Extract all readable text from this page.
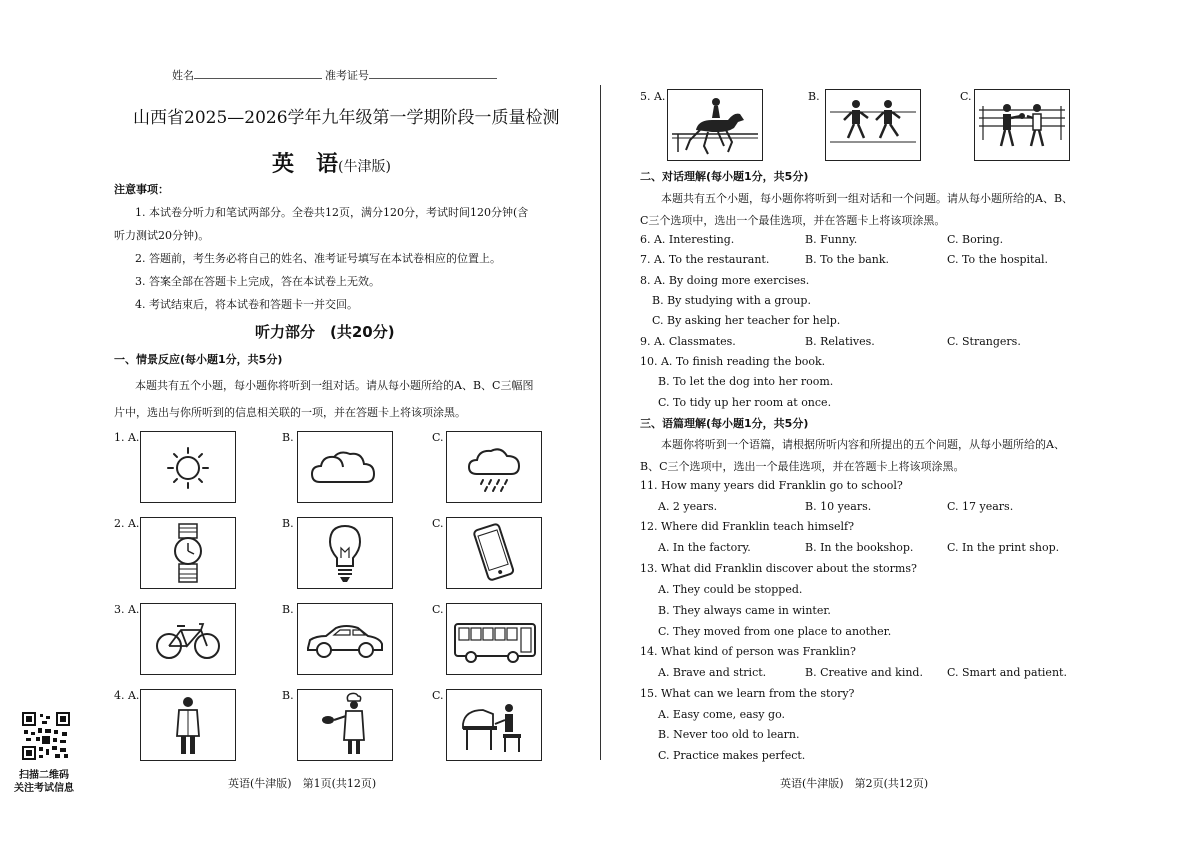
姓名	准考证号
山西省2025—2026学年九年级第一学期阶段一质量检测
英　语(牛津版)
注意事项：
1. 本试卷分听力和笔试两部分。全卷共12页，满分120分，考试时间120分钟(含
听力测试20分钟)。
2. 答题前，考生务必将自己的姓名、准考证号填写在本试卷相应的位置上。
3. 答案全部在答题卡上完成，答在本试卷上无效。
4. 考试结束后，将本试卷和答题卡一并交回。
听力部分　(共20分)
一、情景反应(每小题1分，共5分)
本题共有五个小题，每小题你将听到一组对话。请从每小题所给的A、B、C三幅图
片中，选出与你所听到的信息相关联的一项，并在答题卡上将该项涂黑。
1. A.	B.	C.
2. A.	B.	C.
3. A.	B.	C.
4. A.	B.	C.
扫描二维码
关注考试信息	英语(牛津版)　第1页(共12页)
5. A.	B.	C.
二、对话理解(每小题1分，共5分)
本题共有五个小题，每小题你将听到一组对话和一个问题。请从每小题所给的A、B、
C三个选项中，选出一个最佳选项，并在答题卡上将该项涂黑。
6. A. Interesting.	B. Funny.	C. Boring.
7. A. To the restaurant.	B. To the bank.	C. To the hospital.
8. A. By doing more exercises.
B. By studying with a group.
C. By asking her teacher for help.
9. A. Classmates.	B. Relatives.	C. Strangers.
10. A. To finish reading the book.
B. To let the dog into her room.
C. To tidy up her room at once.
三、语篇理解(每小题1分，共5分)
本题你将听到一个语篇，请根据所听内容和所提出的五个问题，从每小题所给的A、
B、C三个选项中，选出一个最佳选项，并在答题卡上将该项涂黑。
11. How many years did Franklin go to school?
A. 2 years.	B. 10 years.	C. 17 years.
12. Where did Franklin teach himself?
A. In the factory.	B. In the bookshop.	C. In the print shop.
13. What did Franklin discover about the storms?
A. They could be stopped.
B. They always came in winter.
C. They moved from one place to another.
14. What kind of person was Franklin?
A. Brave and strict.	B. Creative and kind. C. Smart and patient.
15. What can we learn from the story?
A. Easy come, easy go.
B. Never too old to learn.
C. Practice makes perfect.
英语(牛津版)　第2页(共12页)
